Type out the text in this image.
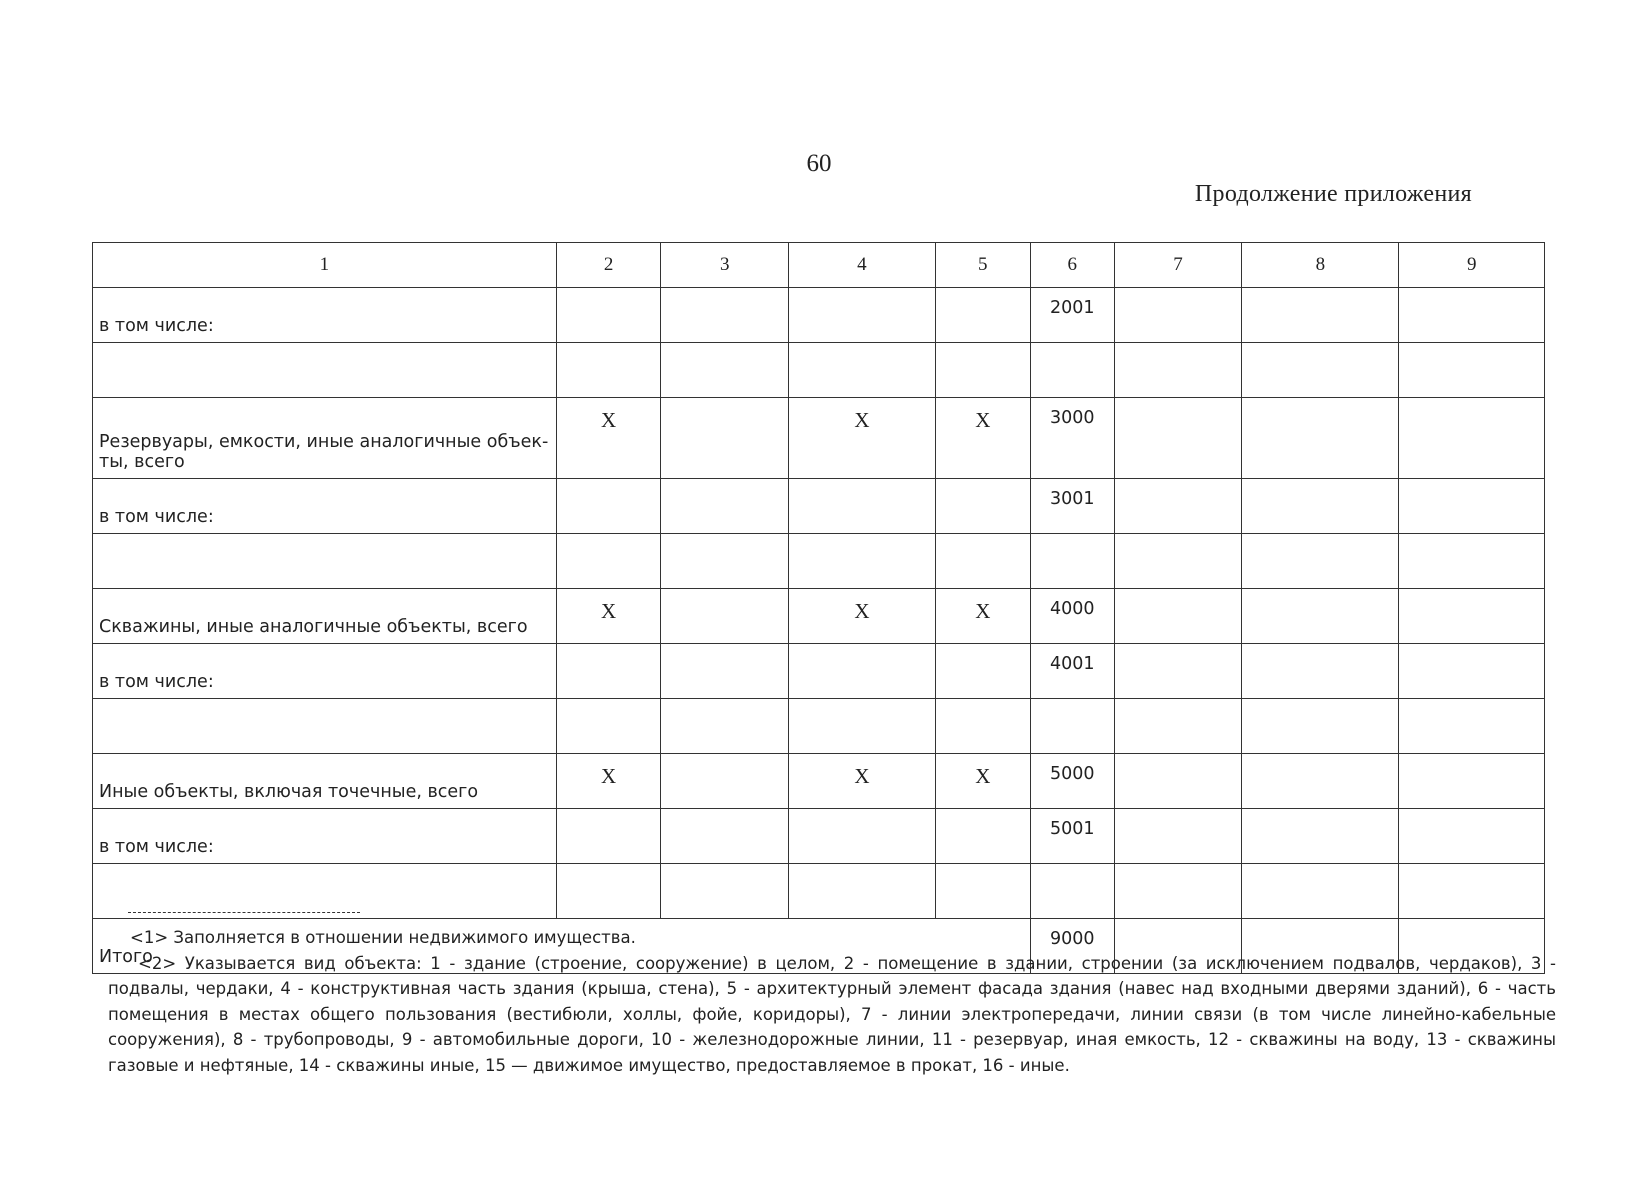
60
Продолжение приложения
1	2	3	4	5	6	7	8	9
в том числе:					2001			

Резервуары, емкости, иные аналогичные объек-ты, всего	X		X	X	3000			
в том числе:					3001			

Скважины, иные аналогичные объекты, всего	X		X	X	4000			
в том числе:					4001			

Иные объекты, включая точечные, всего	X		X	X	5000			
в том числе:					5001			

Итого					9000			

<1> Заполняется в отношении недвижимого имущества.

<2> Указывается вид объекта: 1 - здание (строение, сооружение) в целом, 2 - помещение в здании, строении (за исключением подвалов, чердаков), 3 - подвалы, чердаки, 4 - конструктивная часть здания (крыша, стена), 5 - архитектурный элемент фасада здания (навес над входными дверями зданий), 6 - часть помещения в местах общего пользования (вестибюли, холлы, фойе, коридоры), 7 - линии электропередачи, линии связи (в том числе линейно-кабельные сооружения), 8 - трубопроводы, 9 - автомобильные дороги, 10 - железнодорожные линии, 11 - резервуар, иная емкость, 12 - скважины на воду, 13 - скважины газовые и нефтяные, 14 - скважины иные, 15 — движимое имущество, предоставляемое в прокат, 16 - иные.
